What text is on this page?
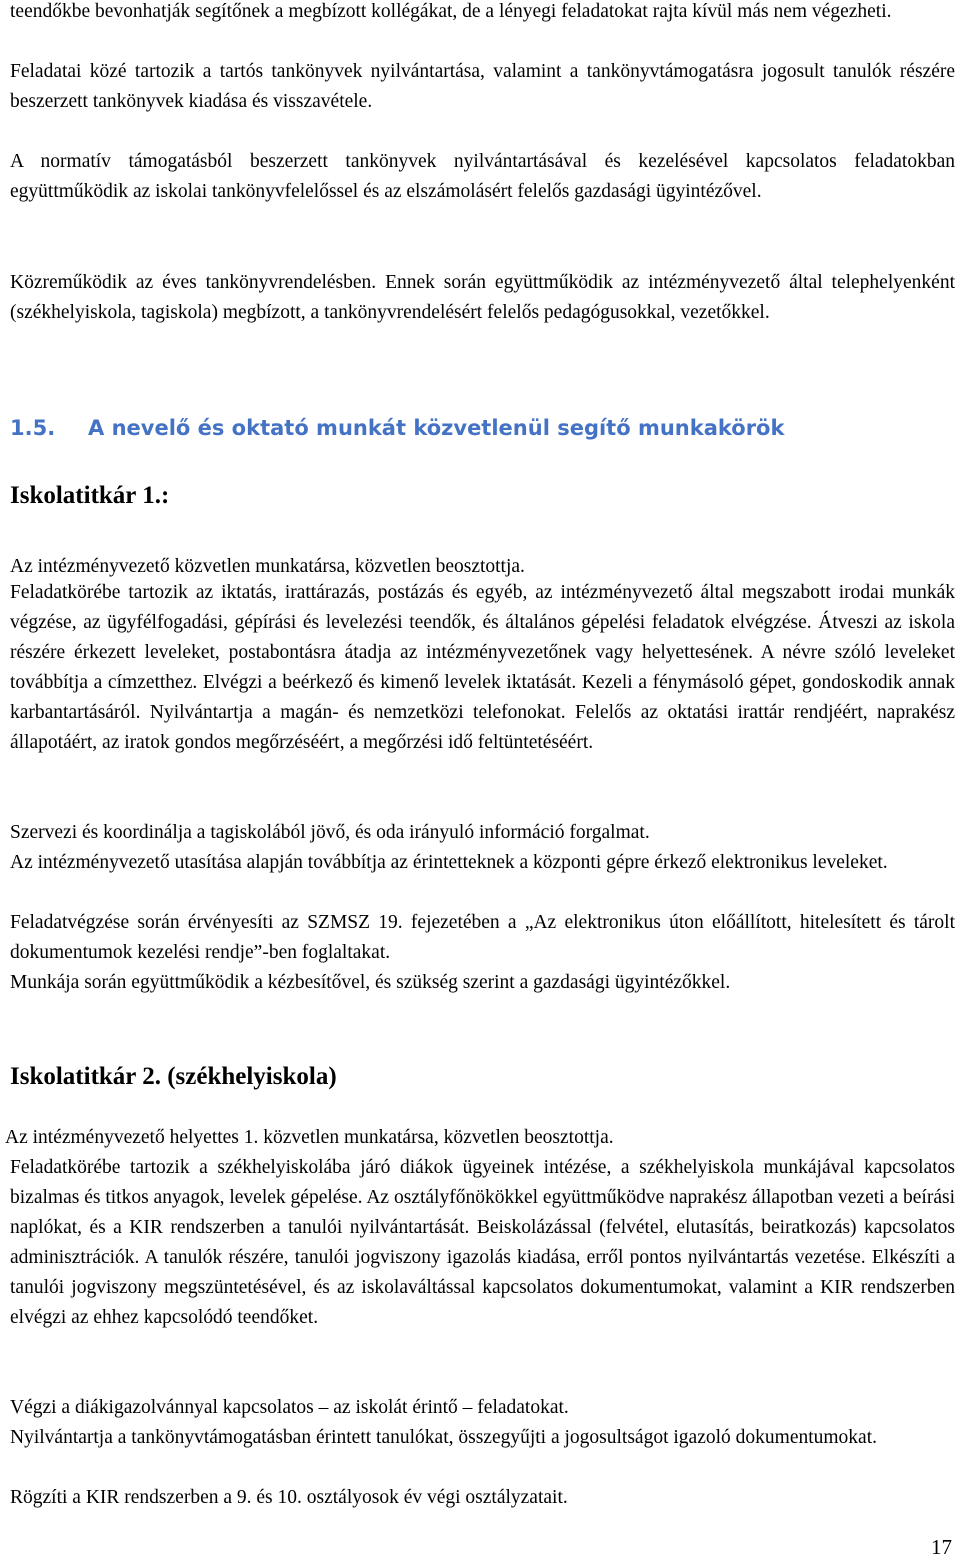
teendőkbe bevonhatják segítőnek a megbízott kollégákat, de a lényegi feladatokat rajta kívül más nem végezheti.

Feladatai közé tartozik a tartós tankönyvek nyilvántartása, valamint a tankönyvtámogatásra jogosult tanulók részére beszerzett tankönyvek kiadása és visszavétele.

A normatív támogatásból beszerzett tankönyvek nyilvántartásával és kezelésével kapcsolatos feladatokban együttműködik az iskolai tankönyvfelelőssel és az elszámolásért felelős gazdasági ügyintézővel.

Közreműködik az éves tankönyvrendelésben. Ennek során együttműködik az intézményvezető által telephelyenként (székhelyiskola, tagiskola) megbízott, a tankönyvrendelésért felelős pedagógusokkal, vezetőkkel.

1.5. A nevelő és oktató munkát közvetlenül segítő munkakörök
Iskolatitkár 1.:

Az intézményvezető közvetlen munkatársa, közvetlen beosztottja.

Feladatkörébe tartozik az iktatás, irattárazás, postázás és egyéb, az intézményvezető által megszabott irodai munkák végzése, az ügyfélfogadási, gépírási és levelezési teendők, és általános gépelési feladatok elvégzése. Átveszi az iskola részére érkezett leveleket, postabontásra átadja az intézményvezetőnek vagy helyettesének. A névre szóló leveleket továbbítja a címzetthez. Elvégzi a beérkező és kimenő levelek iktatását. Kezeli a fénymásoló gépet, gondoskodik annak karbantartásáról. Nyilvántartja a magán- és nemzetközi telefonokat. Felelős az oktatási irattár rendjéért, naprakész állapotáért, az iratok gondos megőrzéséért, a megőrzési idő feltüntetéséért.

Szervezi és koordinálja a tagiskolából jövő, és oda irányuló információ forgalmat.

Az intézményvezető utasítása alapján továbbítja az érintetteknek a központi gépre érkező elektronikus leveleket.

Feladatvégzése során érvényesíti az SZMSZ 19. fejezetében a „Az elektronikus úton előállított, hitelesített és tárolt dokumentumok kezelési rendje”-ben foglaltakat.

Munkája során együttműködik a kézbesítővel, és szükség szerint a gazdasági ügyintézőkkel.

Iskolatitkár 2. (székhelyiskola)

Az intézményvezető helyettes 1. közvetlen munkatársa, közvetlen beosztottja.

Feladatkörébe tartozik a székhelyiskolába járó diákok ügyeinek intézése, a székhelyiskola munkájával kapcsolatos bizalmas és titkos anyagok, levelek gépelése. Az osztályfőnökökkel együttműködve naprakész állapotban vezeti a beírási naplókat, és a KIR rendszerben a tanulói nyilvántartását. Beiskolázással (felvétel, elutasítás, beiratkozás) kapcsolatos adminisztrációk. A tanulók részére, tanulói jogviszony igazolás kiadása, erről pontos nyilvántartás vezetése. Elkészíti a tanulói jogviszony megszüntetésével, és az iskolaváltással kapcsolatos dokumentumokat, valamint a KIR rendszerben elvégzi az ehhez kapcsolódó teendőket.

Végzi a diákigazolvánnyal kapcsolatos – az iskolát érintő – feladatokat.

Nyilvántartja a tankönyvtámogatásban érintett tanulókat, összegyűjti a jogosultságot igazoló dokumentumokat.

Rögzíti a KIR rendszerben a 9. és 10. osztályosok év végi osztályzatait.

17
